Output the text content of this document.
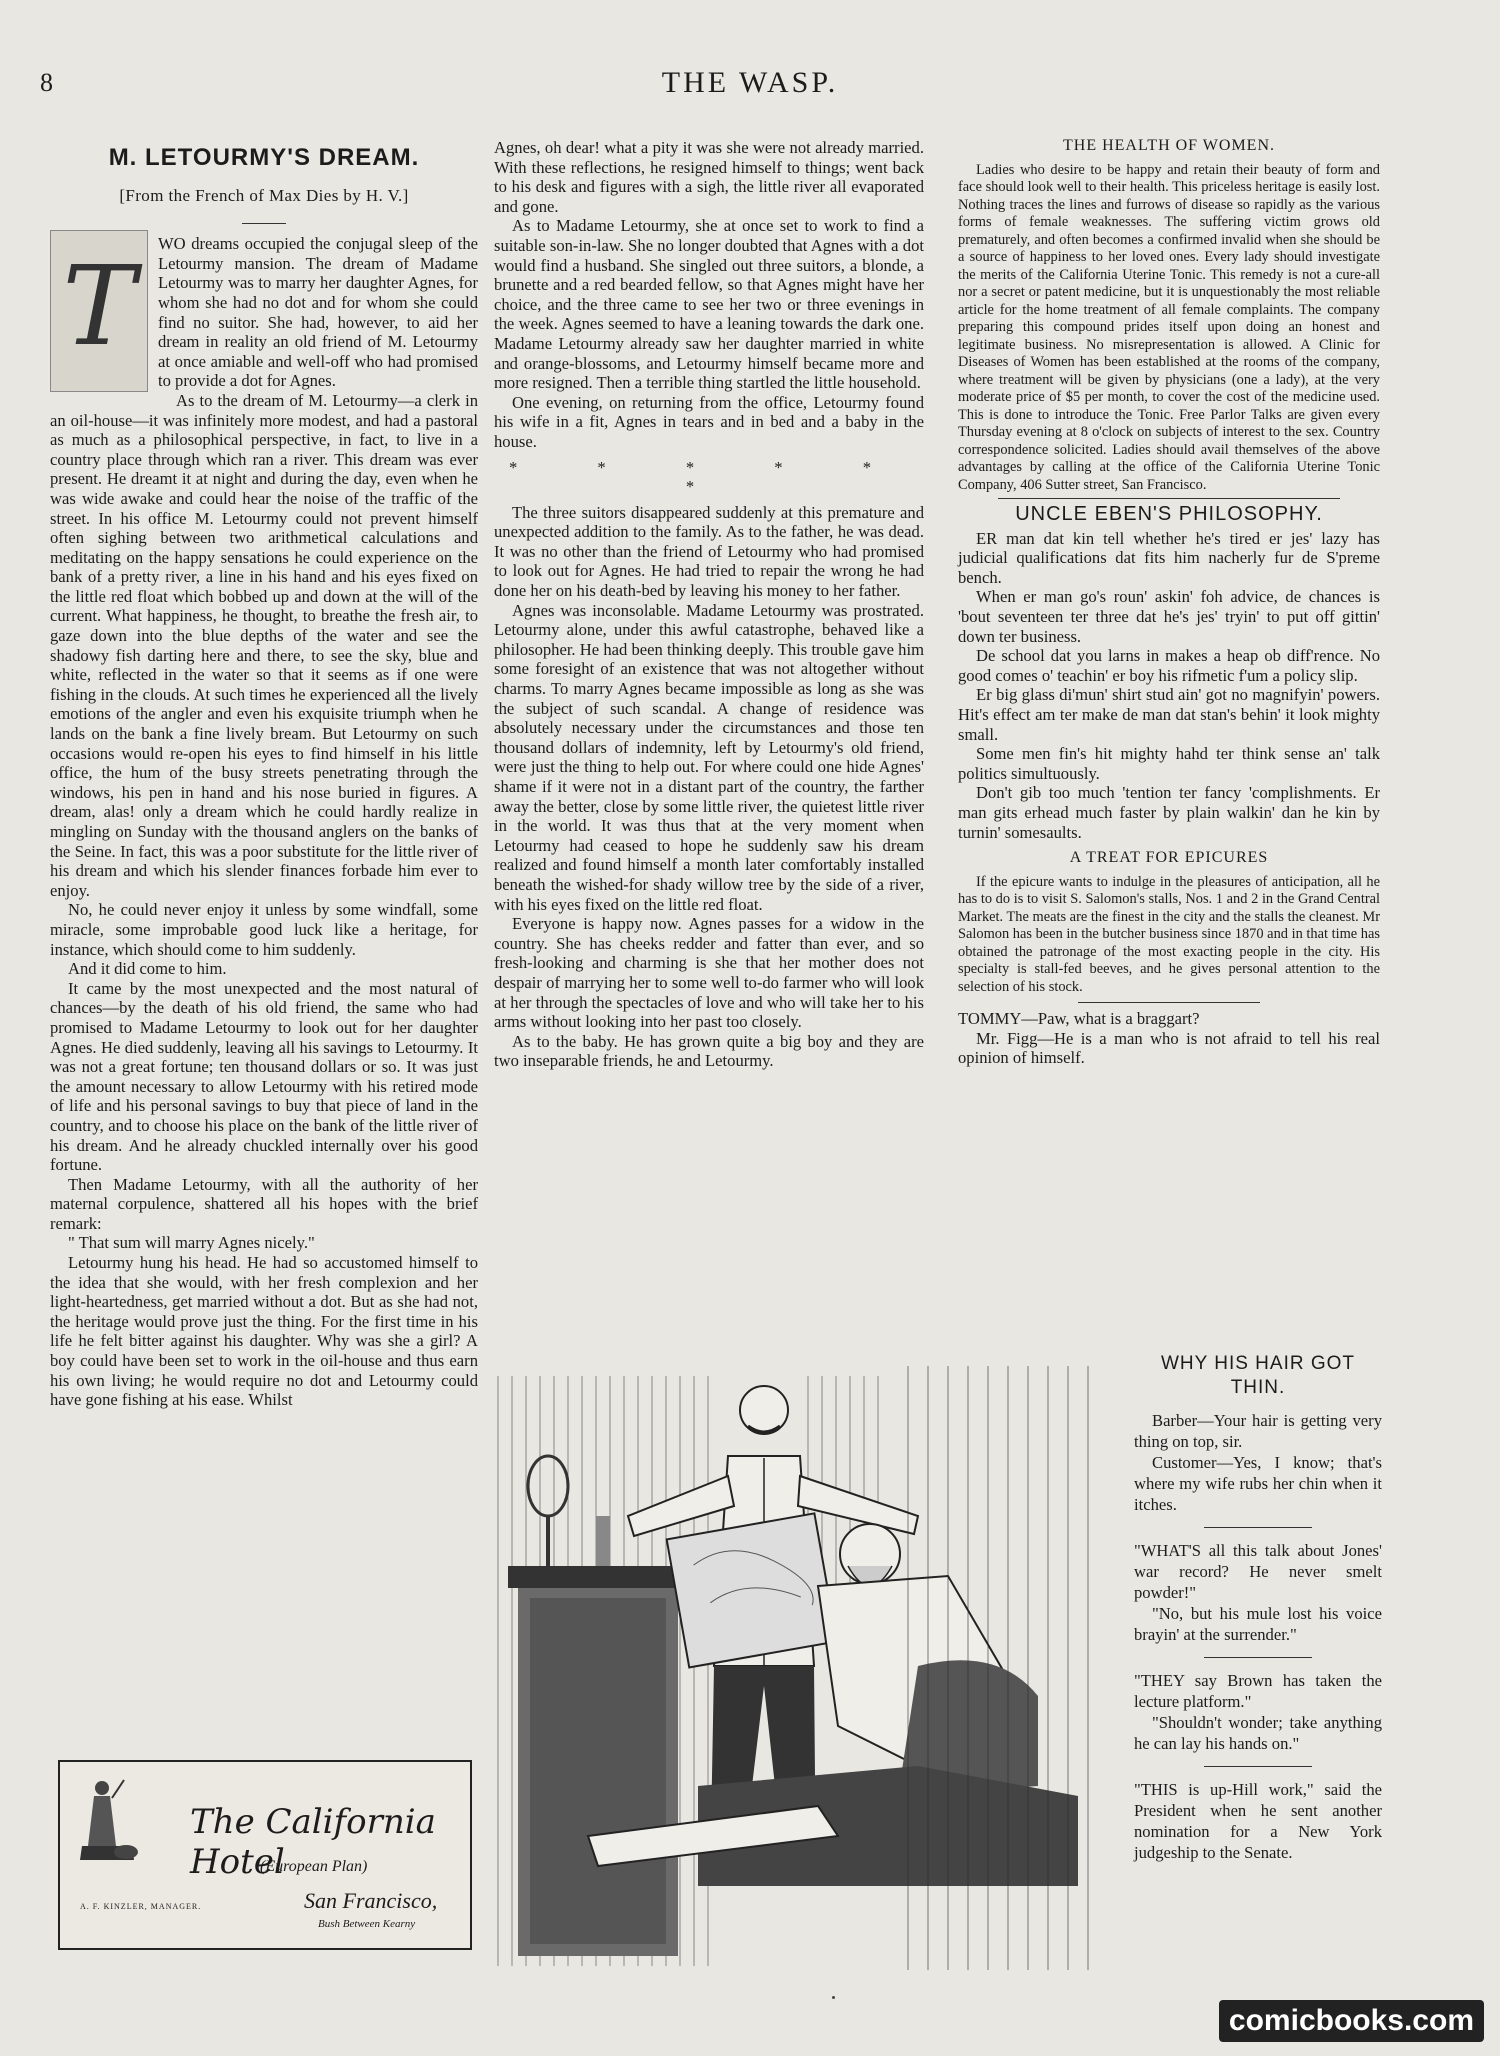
8	THE WASP.
M. LETOURMY'S DREAM.
[From the French of Max Dies by H. V.]

T	WO dreams occupied the conjugal sleep of the Letourmy mansion. The dream of Madame Letourmy was to marry her daughter Agnes, for whom she had no dot and for whom she could find no suitor. She had, however, to aid her dream in reality an old friend of M. Letourmy at once amiable and well-off who had promised to provide a dot for Agnes.

As to the dream of M. Letourmy—a clerk in an oil-house—it was infinitely more modest, and had a pastoral as much as a philosophical perspective, in fact, to live in a country place through which ran a river. This dream was ever present. He dreamt it at night and during the day, even when he was wide awake and could hear the noise of the traffic of the street. In his office M. Letourmy could not prevent himself often sighing between two arithmetical calculations and meditating on the happy sensations he could experience on the bank of a pretty river, a line in his hand and his eyes fixed on the little red float which bobbed up and down at the will of the current. What happiness, he thought, to breathe the fresh air, to gaze down into the blue depths of the water and see the shadowy fish darting here and there, to see the sky, blue and white, reflected in the water so that it seems as if one were fishing in the clouds. At such times he experienced all the lively emotions of the angler and even his exquisite triumph when he lands on the bank a fine lively bream. But Letourmy on such occasions would re-open his eyes to find himself in his little office, the hum of the busy streets penetrating through the windows, his pen in hand and his nose buried in figures. A dream, alas! only a dream which he could hardly realize in mingling on Sunday with the thousand anglers on the banks of the Seine. In fact, this was a poor substitute for the little river of his dream and which his slender finances forbade him ever to enjoy.

No, he could never enjoy it unless by some windfall, some miracle, some improbable good luck like a heritage, for instance, which should come to him suddenly.

And it did come to him.

It came by the most unexpected and the most natural of chances—by the death of his old friend, the same who had promised to Madame Letourmy to look out for her daughter Agnes. He died suddenly, leaving all his savings to Letourmy. It was not a great fortune; ten thousand dollars or so. It was just the amount necessary to allow Letourmy with his retired mode of life and his personal savings to buy that piece of land in the country, and to choose his place on the bank of the little river of his dream. And he already chuckled internally over his good fortune.

Then Madame Letourmy, with all the authority of her maternal corpulence, shattered all his hopes with the brief remark:

" That sum will marry Agnes nicely."

Letourmy hung his head. He had so accustomed himself to the idea that she would, with her fresh complexion and her light-heartedness, get married without a dot. But as she had not, the heritage would prove just the thing. For the first time in his life he felt bitter against his daughter. Why was she a girl? A boy could have been set to work in the oil-house and thus earn his own living; he would require no dot and Letourmy could have gone fishing at his ease. Whilst

Agnes, oh dear! what a pity it was she were not already married. With these reflections, he resigned himself to things; went back to his desk and figures with a sigh, the little river all evaporated and gone.

As to Madame Letourmy, she at once set to work to find a suitable son-in-law. She no longer doubted that Agnes with a dot would find a husband. She singled out three suitors, a blonde, a brunette and a red bearded fellow, so that Agnes might have her choice, and the three came to see her two or three evenings in the week. Agnes seemed to have a leaning towards the dark one. Madame Letourmy already saw her daughter married in white and orange-blossoms, and Letourmy himself became more and more resigned. Then a terrible thing startled the little household.

One evening, on returning from the office, Letourmy found his wife in a fit, Agnes in tears and in bed and a baby in the house.

* * * * * *

The three suitors disappeared suddenly at this premature and unexpected addition to the family. As to the father, he was dead. It was no other than the friend of Letourmy who had promised to look out for Agnes. He had tried to repair the wrong he had done her on his death-bed by leaving his money to her father.

Agnes was inconsolable. Madame Letourmy was prostrated. Letourmy alone, under this awful catastrophe, behaved like a philosopher. He had been thinking deeply. This trouble gave him some foresight of an existence that was not altogether without charms. To marry Agnes became impossible as long as she was the subject of such scandal. A change of residence was absolutely necessary under the circumstances and those ten thousand dollars of indemnity, left by Letourmy's old friend, were just the thing to help out. For where could one hide Agnes' shame if it were not in a distant part of the country, the farther away the better, close by some little river, the quietest little river in the world. It was thus that at the very moment when Letourmy had ceased to hope he suddenly saw his dream realized and found himself a month later comfortably installed beneath the wished-for shady willow tree by the side of a river, with his eyes fixed on the little red float.

Everyone is happy now. Agnes passes for a widow in the country. She has cheeks redder and fatter than ever, and so fresh-looking and charming is she that her mother does not despair of marrying her to some well to-do farmer who will look at her through the spectacles of love and who will take her to his arms without looking into her past too closely.

As to the baby. He has grown quite a big boy and they are two inseparable friends, he and Letourmy.

THE HEALTH OF WOMEN.

Ladies who desire to be happy and retain their beauty of form and face should look well to their health. This priceless heritage is easily lost. Nothing traces the lines and furrows of disease so rapidly as the various forms of female weaknesses. The suffering victim grows old prematurely, and often becomes a confirmed invalid when she should be a source of happiness to her loved ones. Every lady should investigate the merits of the California Uterine Tonic. This remedy is not a cure-all nor a secret or patent medicine, but it is unquestionably the most reliable article for the home treatment of all female complaints. The company preparing this compound prides itself upon doing an honest and legitimate business. No misrepresentation is allowed. A Clinic for Diseases of Women has been established at the rooms of the company, where treatment will be given by physicians (one a lady), at the very moderate price of $5 per month, to cover the cost of the medicine used. This is done to introduce the Tonic. Free Parlor Talks are given every Thursday evening at 8 o'clock on subjects of interest to the sex. Country correspondence solicited. Ladies should avail themselves of the above advantages by calling at the office of the California Uterine Tonic Company, 406 Sutter street, San Francisco.

UNCLE EBEN'S PHILOSOPHY.

ER man dat kin tell whether he's tired er jes' lazy has judicial qualifications dat fits him nacherly fur de S'preme bench.

When er man go's roun' askin' foh advice, de chances is 'bout seventeen ter three dat he's jes' tryin' to put off gittin' down ter business.

De school dat you larns in makes a heap ob diff'rence. No good comes o' teachin' er boy his rifmetic f'um a policy slip.

Er big glass di'mun' shirt stud ain' got no magnifyin' powers. Hit's effect am ter make de man dat stan's behin' it look mighty small.

Some men fin's hit mighty hahd ter think sense an' talk politics simultuously.

Don't gib too much 'tention ter fancy 'complishments. Er man gits erhead much faster by plain walkin' dan he kin by turnin' somesaults.

A TREAT FOR EPICURES

If the epicure wants to indulge in the pleasures of anticipation, all he has to do is to visit S. Salomon's stalls, Nos. 1 and 2 in the Grand Central Market. The meats are the finest in the city and the stalls the cleanest. Mr Salomon has been in the butcher business since 1870 and in that time has obtained the patronage of the most exacting people in the city. His specialty is stall-fed beeves, and he gives personal attention to the selection of his stock.

TOMMY—Paw, what is a braggart?

Mr. Figg—He is a man who is not afraid to tell his real opinion of himself.

The California Hotel
(European Plan)
San Francisco,
Bush Between Kearny
A. F. KINZLER, MANAGER.
WHY HIS HAIR GOT THIN.

Barber—Your hair is getting very thing on top, sir.

Customer—Yes, I know; that's where my wife rubs her chin when it itches.

"WHAT'S all this talk about Jones' war record? He never smelt powder!"

"No, but his mule lost his voice brayin' at the surrender."

"THEY say Brown has taken the lecture platform."

"Shouldn't wonder; take anything he can lay his hands on."

"THIS is up-Hill work," said the President when he sent another nomination for a New York judgeship to the Senate.

comicbooks.com
